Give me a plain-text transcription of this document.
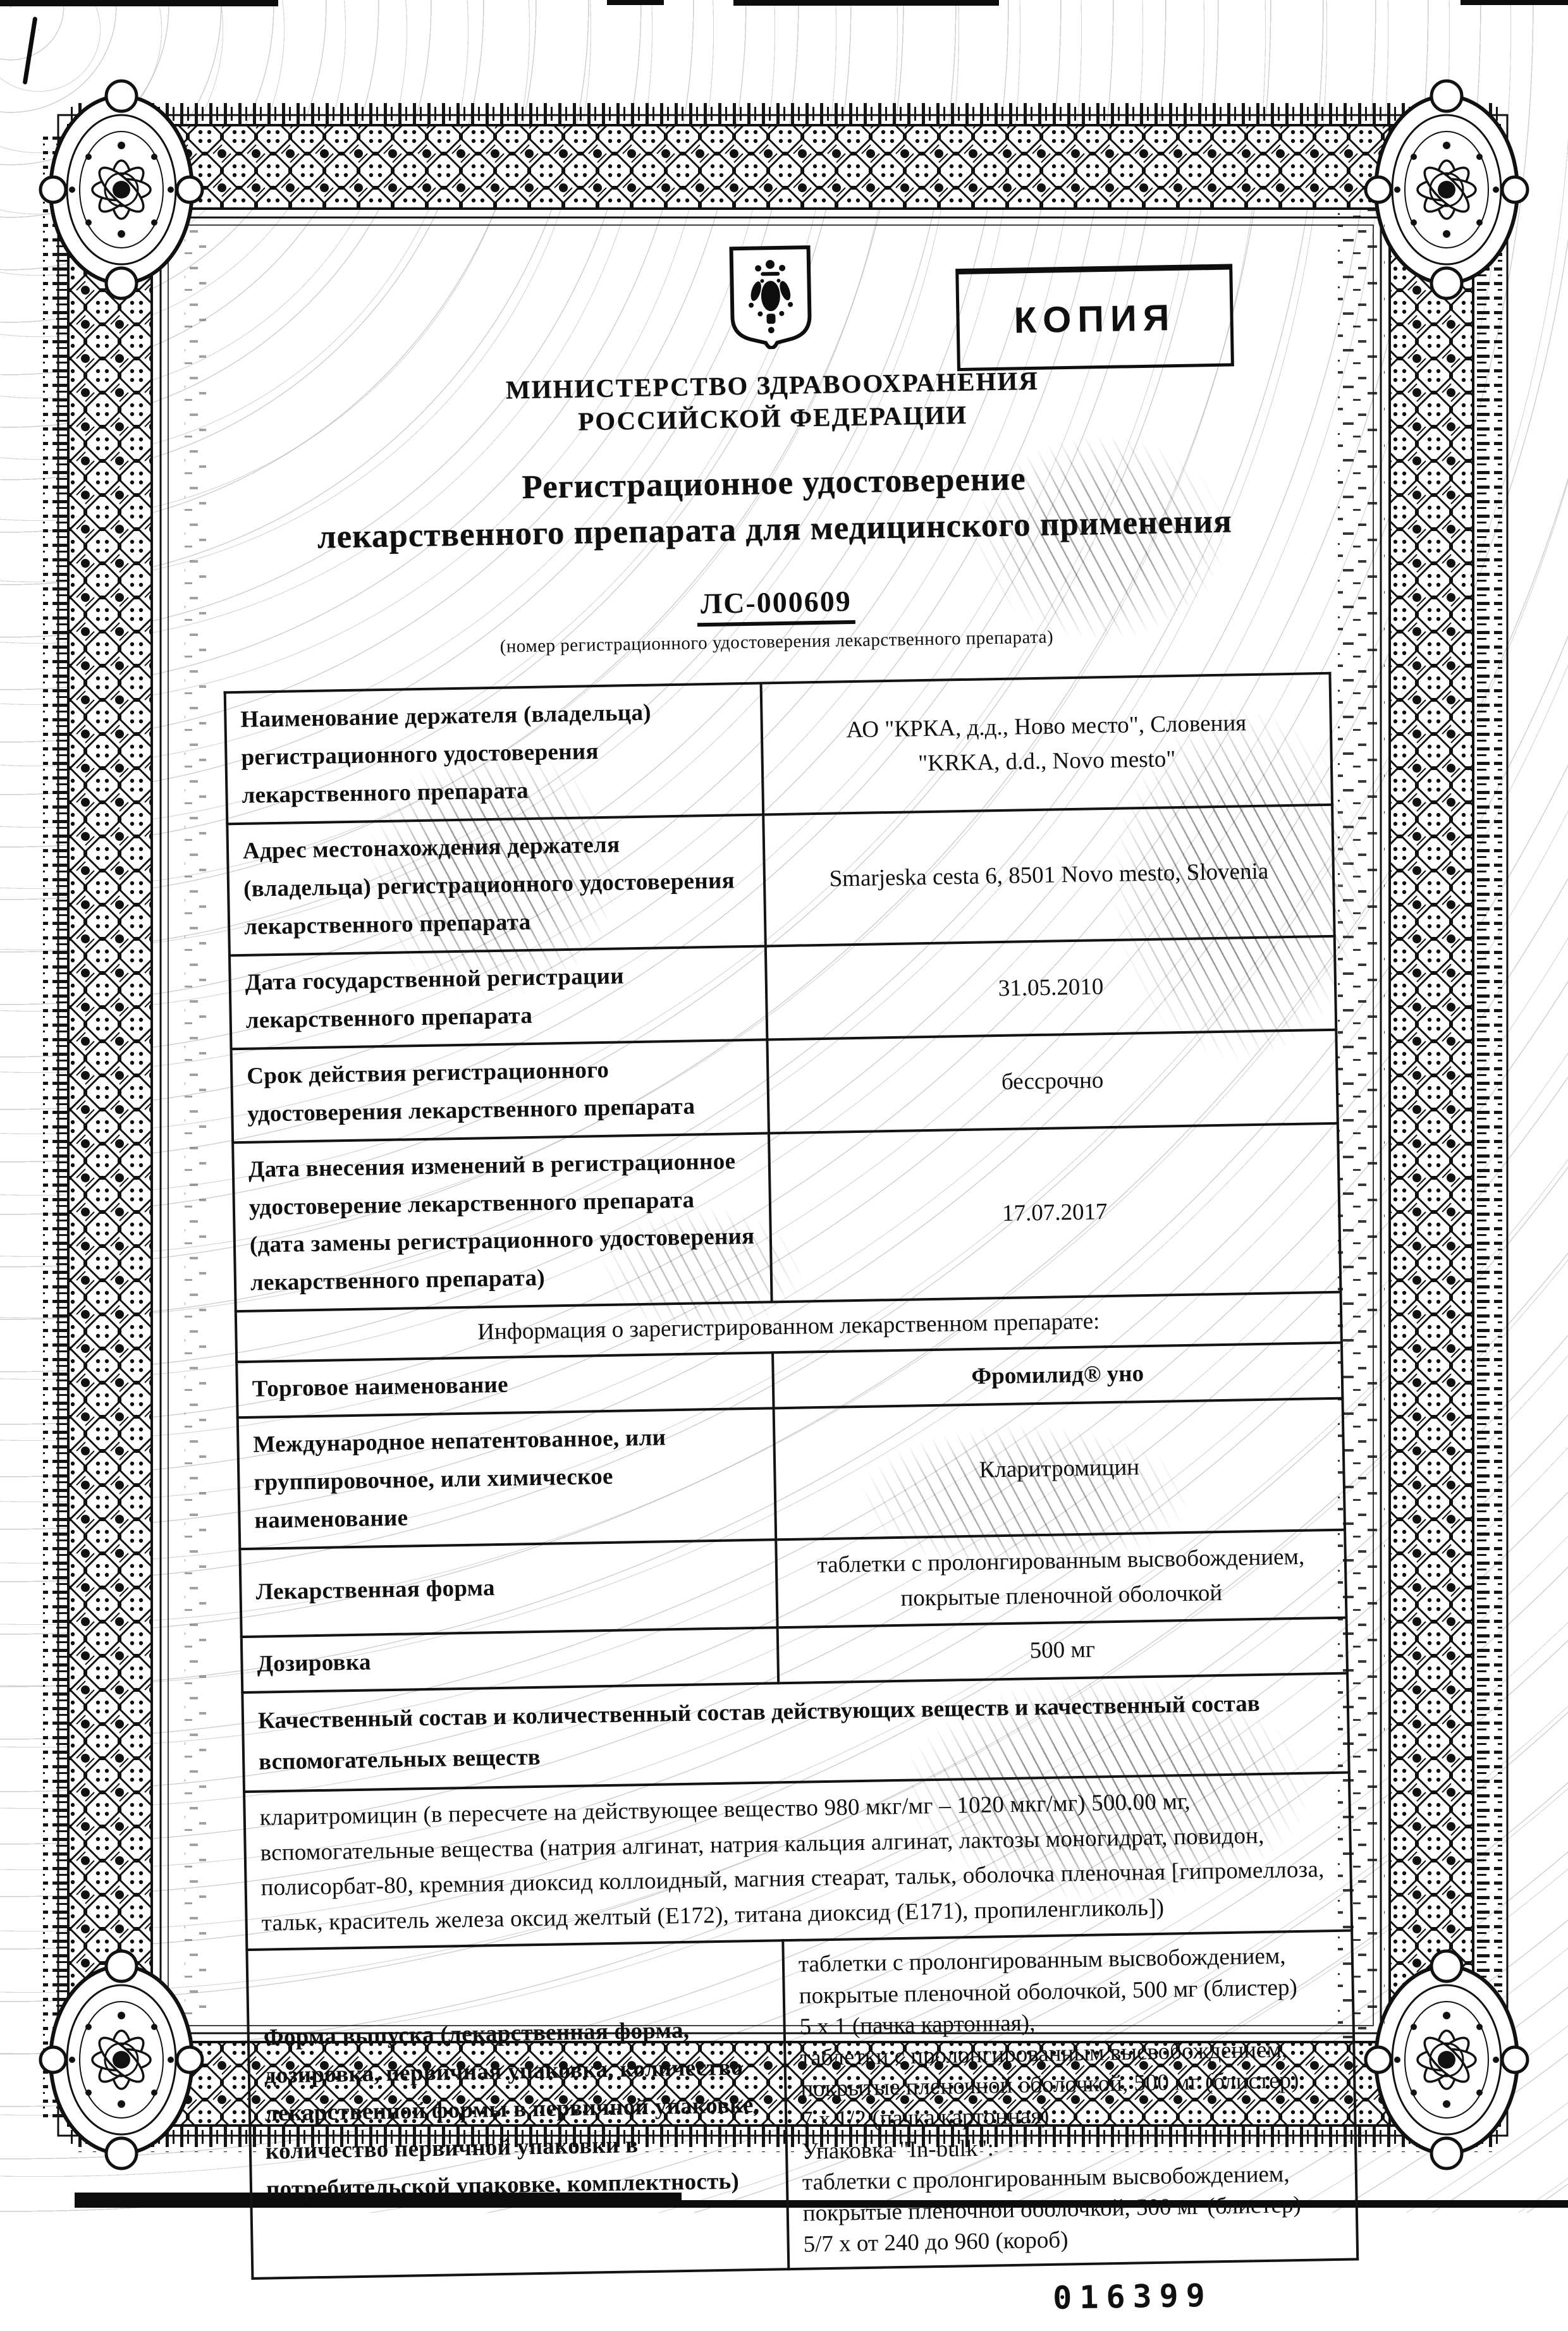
КОПИЯ
МИНИСТЕРСТВО ЗДРАВООХРАНЕНИЯ
РОССИЙСКОЙ ФЕДЕРАЦИИ
Регистрационное удостоверение
лекарственного препарата для медицинского применения
ЛС-000609
(номер регистрационного удостоверения лекарственного препарата)
Наименование держателя (владельца) регистрационного удостоверения лекарственного препарата	АО "КРКА, д.д., Ново место", Словения
"KRKA, d.d., Novo mesto"
Адрес местонахождения держателя (владельца) регистрационного удостоверения лекарственного препарата	Smarjeska cesta 6, 8501 Novo mesto, Slovenia
Дата государственной регистрации лекарственного препарата	31.05.2010
Срок действия регистрационного удостоверения лекарственного препарата	бессрочно
Дата внесения изменений в регистрационное удостоверение лекарственного препарата (дата замены регистрационного удостоверения лекарственного препарата)	17.07.2017
Информация о зарегистрированном лекарственном препарате:	
Торговое наименование	Фромилид® уно
Международное непатентованное, или группировочное, или химическое наименование	Кларитромицин
Лекарственная форма	таблетки с пролонгированным высвобождением, покрытые пленочной оболочкой
Дозировка	500 мг
Качественный состав и количественный состав действующих веществ и качественный состав вспомогательных веществ	
кларитромицин (в пересчете на действующее вещество 980 мкг/мг – 1020 мкг/мг) 500.00 мг, вспомогательные вещества (натрия алгинат, натрия кальция алгинат, лактозы моногидрат, повидон, полисорбат-80, кремния диоксид коллоидный, магния стеарат, тальк, оболочка пленочная [гипромеллоза, тальк, краситель железа оксид желтый (Е172), титана диоксид (Е171), пропиленгликоль])	
Форма выпуска (лекарственная форма, дозировка, первичная упаковка, количество лекарственной формы в первичной упаковке, количество первичной упаковки в потребительской упаковке, комплектность)	таблетки с пролонгированным высвобождением,
покрытые пленочной оболочкой, 500 мг (блистер)
5 х 1 (пачка картонная),
таблетки с пролонгированным высвобождением,
покрытые пленочной оболочкой, 500 мг (блистер)
7 х 1/2 (пачка картонная)
Упаковка "In-bulk":
таблетки с пролонгированным высвобождением,
покрытые пленочной оболочкой, 500 мг (блистер)
5/7 х от 240 до 960 (короб)
016399
